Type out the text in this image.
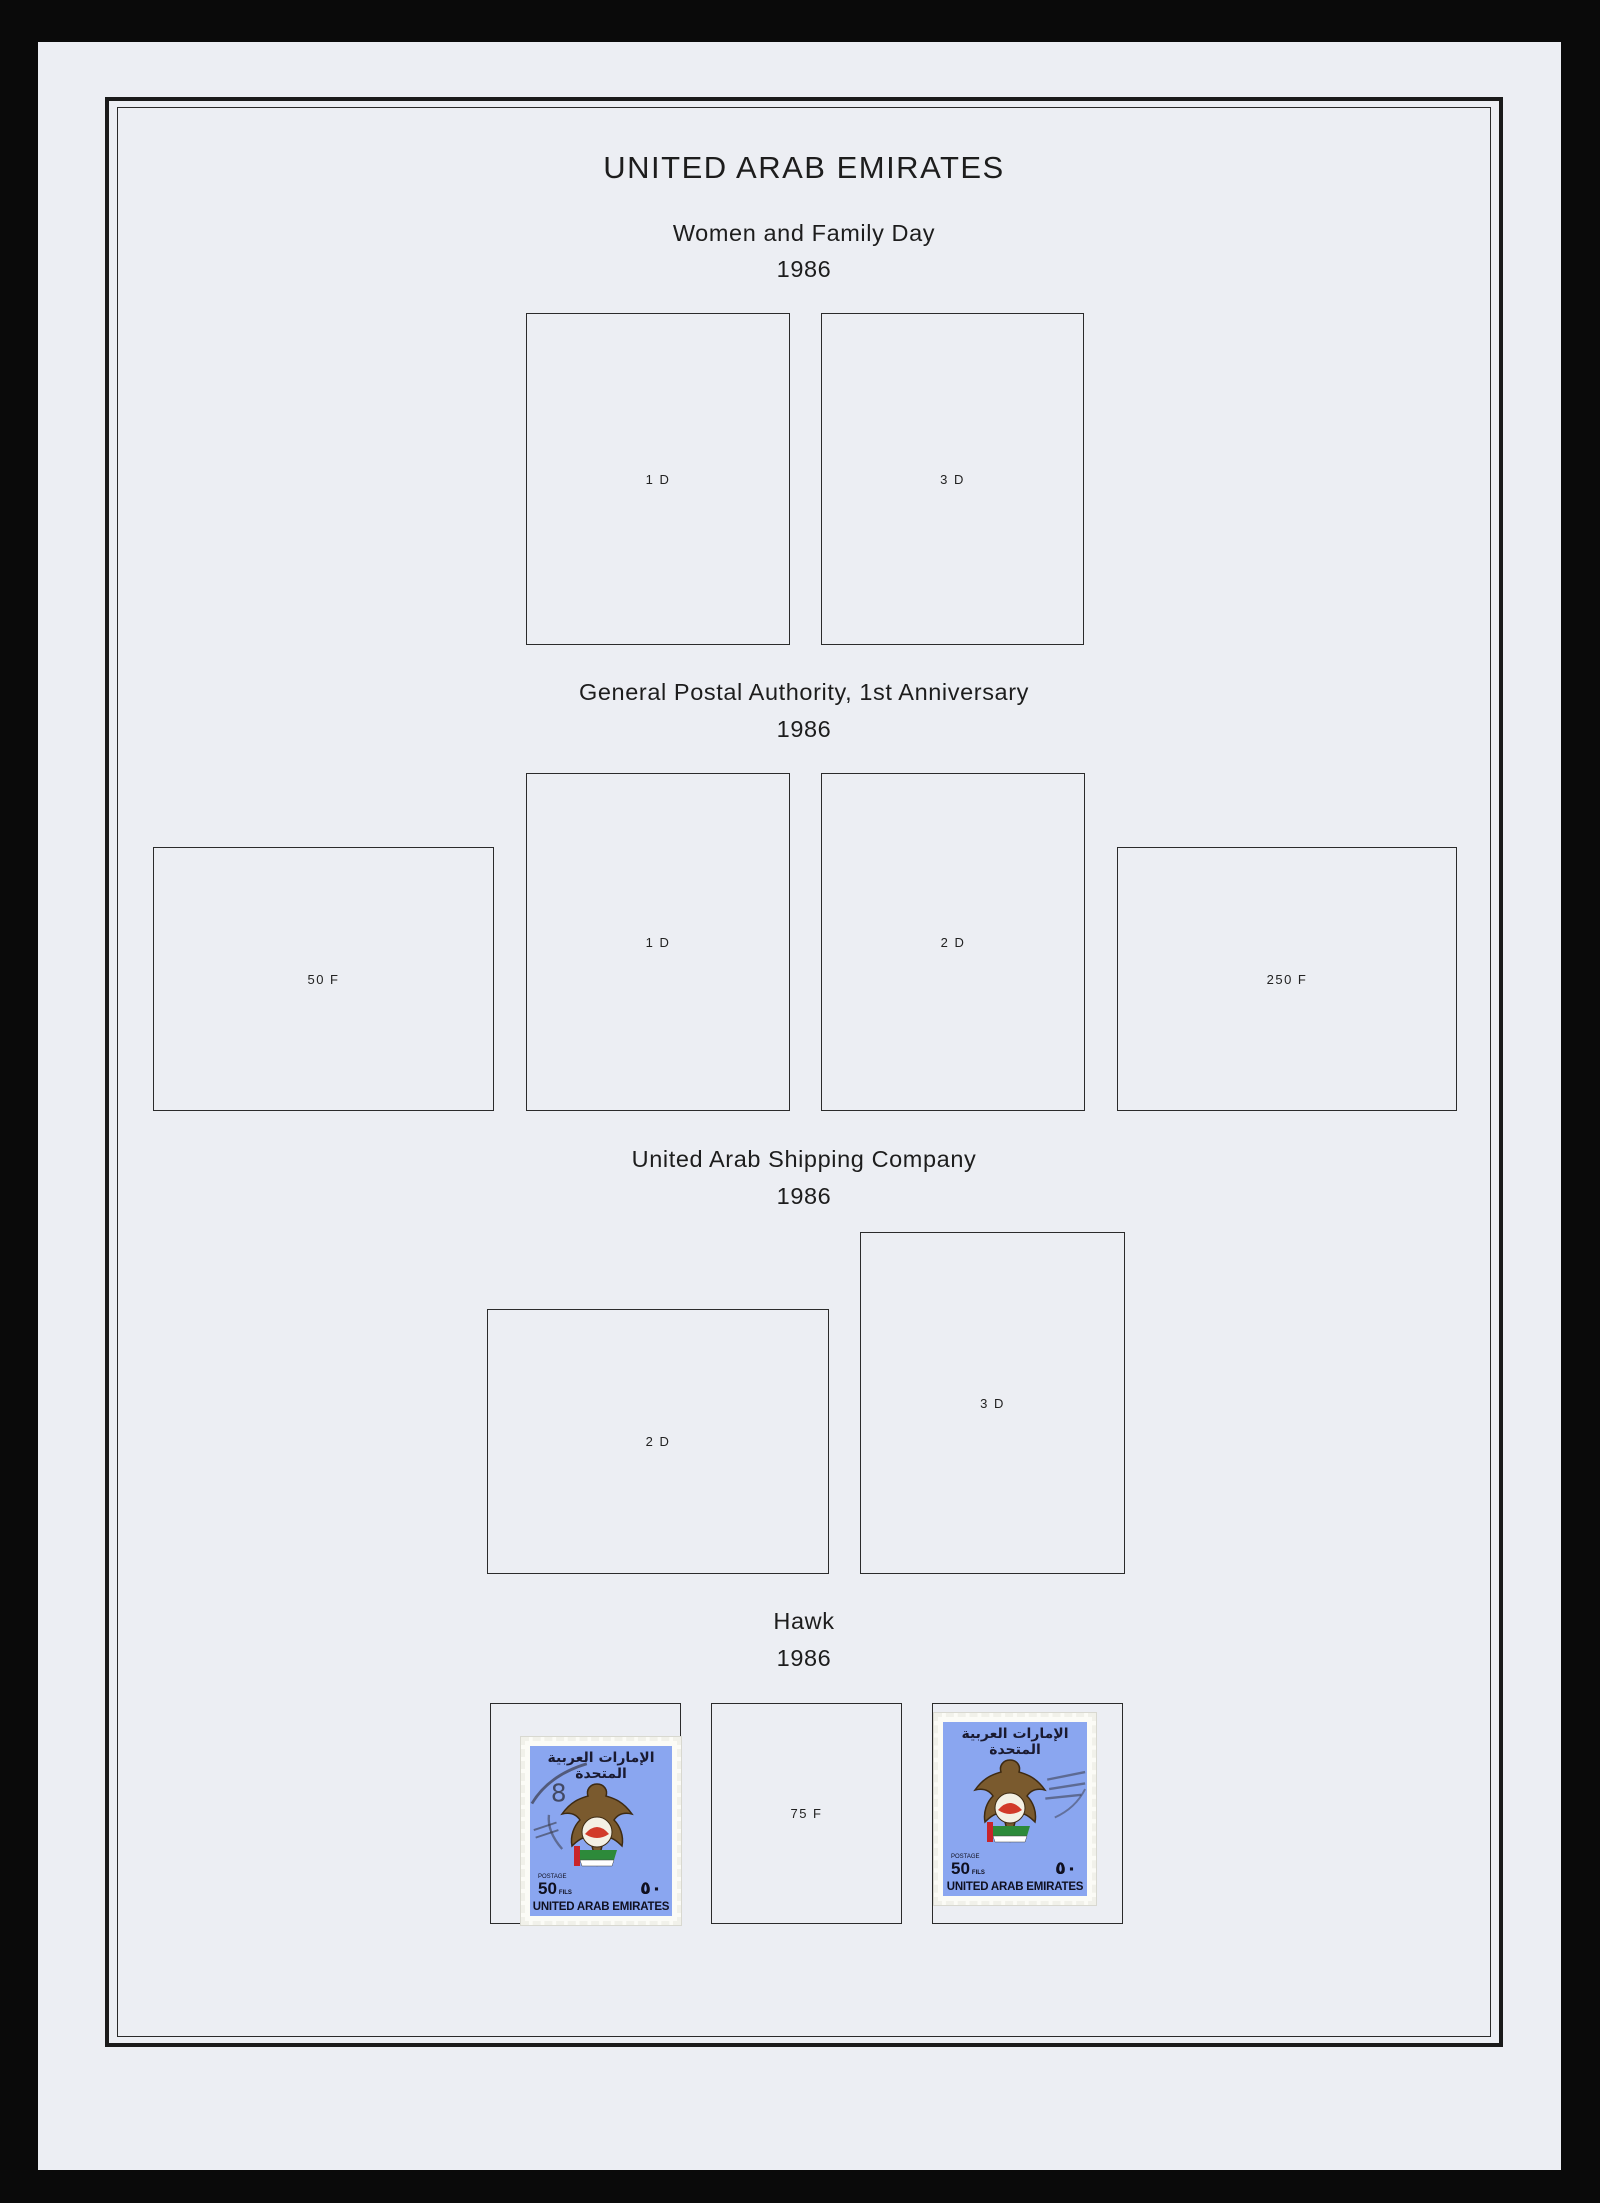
UNITED ARAB EMIRATES
Women and Family Day
1986
1 D	3 D
General Postal Authority, 1st Anniversary
1986
50 F
1 D	2 D
250 F
United Arab Shipping Company
1986
2 D
3 D
Hawk
1986
75 F
الإمارات العربية المتحدة
POSTAGE
50 FILS	٥٠
UNITED ARAB EMIRATES
8
الإمارات العربية المتحدة
POSTAGE
50 FILS	٥٠
UNITED ARAB EMIRATES
